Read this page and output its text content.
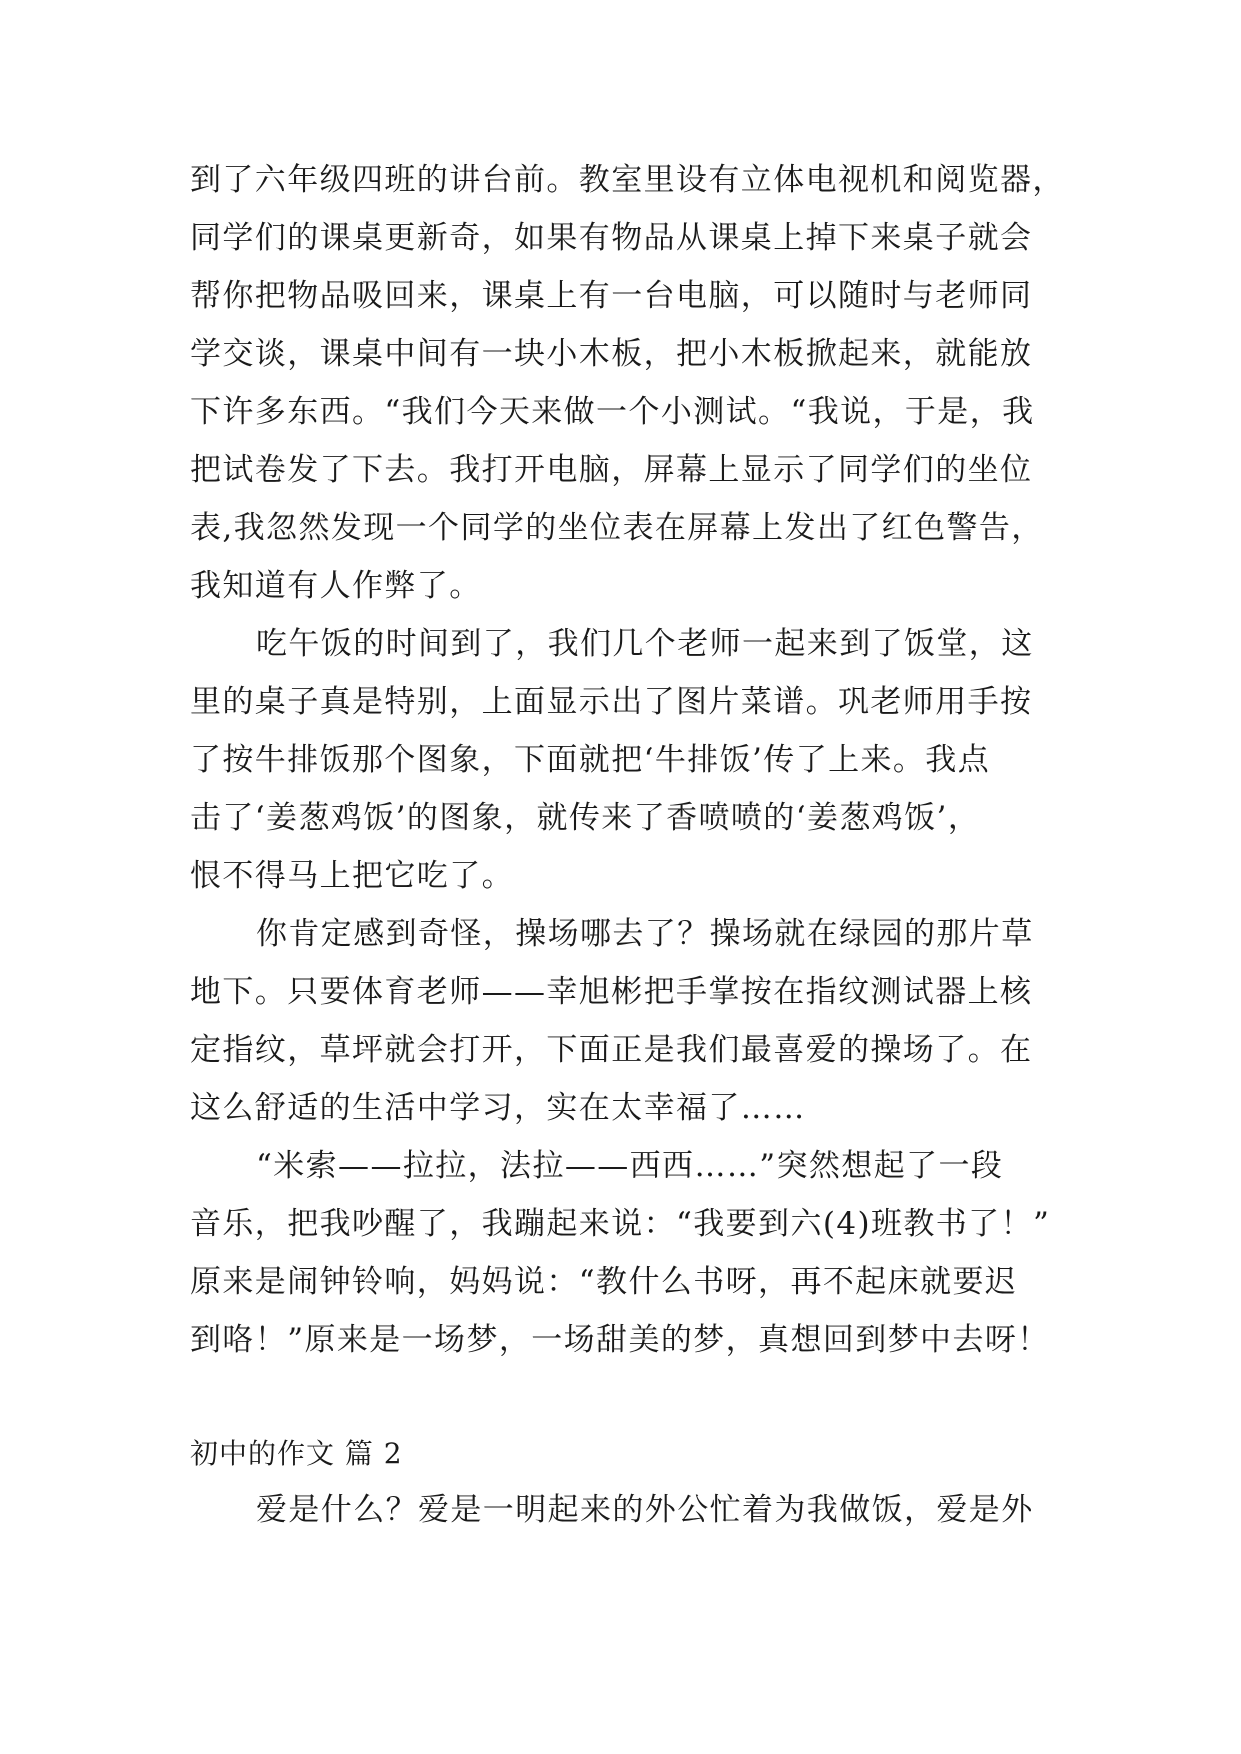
到了六年级四班的讲台前。教室里设有立体电视机和阅览器，
同学们的课桌更新奇，如果有物品从课桌上掉下来桌子就会
帮你把物品吸回来，课桌上有一台电脑，可以随时与老师同
学交谈，课桌中间有一块小木板，把小木板掀起来，就能放
下许多东西。“我们今天来做一个小测试。“我说，于是，我
把试卷发了下去。我打开电脑，屏幕上显示了同学们的坐位
表,我忽然发现一个同学的坐位表在屏幕上发出了红色警告，
我知道有人作弊了。
吃午饭的时间到了，我们几个老师一起来到了饭堂，这
里的桌子真是特别，上面显示出了图片菜谱。巩老师用手按
了按牛排饭那个图象，下面就把‘牛排饭’传了上来。我点
击了‘姜葱鸡饭’的图象，就传来了香喷喷的‘姜葱鸡饭’，
恨不得马上把它吃了。
你肯定感到奇怪，操场哪去了？操场就在绿园的那片草
地下。只要体育老师——幸旭彬把手掌按在指纹测试器上核
定指纹，草坪就会打开，下面正是我们最喜爱的操场了。在
这么舒适的生活中学习，实在太幸福了……
“米索——拉拉，法拉——西西……”突然想起了一段
音乐，把我吵醒了，我蹦起来说：“我要到六(4)班教书了！”
原来是闹钟铃响，妈妈说：“教什么书呀，再不起床就要迟
到咯！”原来是一场梦，一场甜美的梦，真想回到梦中去呀！
初中的作文 篇 2
爱是什么？爱是一明起来的外公忙着为我做饭，爱是外
